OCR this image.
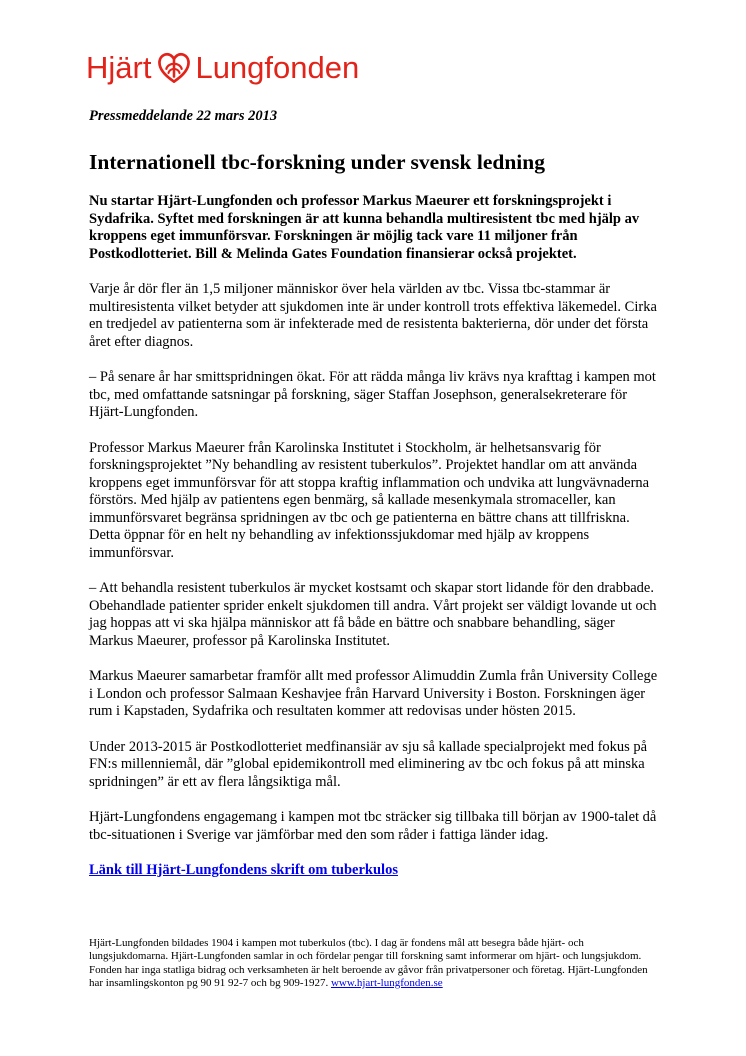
Hjärt Lungfonden
Pressmeddelande 22 mars 2013
Internationell tbc-forskning under svensk ledning

Nu startar Hjärt-Lungfonden och professor Markus Maeurer ett forskningsprojekt i Sydafrika. Syftet med forskningen är att kunna behandla multiresistent tbc med hjälp av kroppens eget immunförsvar. Forskningen är möjlig tack vare 11 miljoner från Postkodlotteriet. Bill & Melinda Gates Foundation finansierar också projektet.

Varje år dör fler än 1,5 miljoner människor över hela världen av tbc. Vissa tbc-stammar är multiresistenta vilket betyder att sjukdomen inte är under kontroll trots effektiva läkemedel. Cirka en tredjedel av patienterna som är infekterade med de resistenta bakterierna, dör under det första året efter diagnos.

– På senare år har smittspridningen ökat. För att rädda många liv krävs nya krafttag i kampen mot tbc, med omfattande satsningar på forskning, säger Staffan Josephson, generalsekreterare för Hjärt-Lungfonden.

Professor Markus Maeurer från Karolinska Institutet i Stockholm, är helhetsansvarig för forskningsprojektet ”Ny behandling av resistent tuberkulos”. Projektet handlar om att använda kroppens eget immunförsvar för att stoppa kraftig inflammation och undvika att lungvävnaderna förstörs. Med hjälp av patientens egen benmärg, så kallade mesenkymala stromaceller, kan immunförsvaret begränsa spridningen av tbc och ge patienterna en bättre chans att tillfriskna. Detta öppnar för en helt ny behandling av infektionssjukdomar med hjälp av kroppens immunförsvar.

– Att behandla resistent tuberkulos är mycket kostsamt och skapar stort lidande för den drabbade. Obehandlade patienter sprider enkelt sjukdomen till andra. Vårt projekt ser väldigt lovande ut och jag hoppas att vi ska hjälpa människor att få både en bättre och snabbare behandling, säger Markus Maeurer, professor på Karolinska Institutet.

Markus Maeurer samarbetar framför allt med professor Alimuddin Zumla från University College i London och professor Salmaan Keshavjee från Harvard University i Boston. Forskningen äger rum i Kapstaden, Sydafrika och resultaten kommer att redovisas under hösten 2015.

Under 2013-2015 är Postkodlotteriet medfinansiär av sju så kallade specialprojekt med fokus på FN:s millenniemål, där ”global epidemikontroll med eliminering av tbc och fokus på att minska spridningen” är ett av flera långsiktiga mål.

Hjärt-Lungfondens engagemang i kampen mot tbc sträcker sig tillbaka till början av 1900-talet då tbc-situationen i Sverige var jämförbar med den som råder i fattiga länder idag.

Länk till Hjärt-Lungfondens skrift om tuberkulos

Hjärt-Lungfonden bildades 1904 i kampen mot tuberkulos (tbc). I dag är fondens mål att besegra både hjärt- och lungsjukdomarna. Hjärt-Lungfonden samlar in och fördelar pengar till forskning samt informerar om hjärt- och lungsjukdom. Fonden har inga statliga bidrag och verksamheten är helt beroende av gåvor från privatpersoner och företag. Hjärt-Lungfonden har insamlingskonton pg 90 91 92-7 och bg 909-1927. www.hjart-lungfonden.se
